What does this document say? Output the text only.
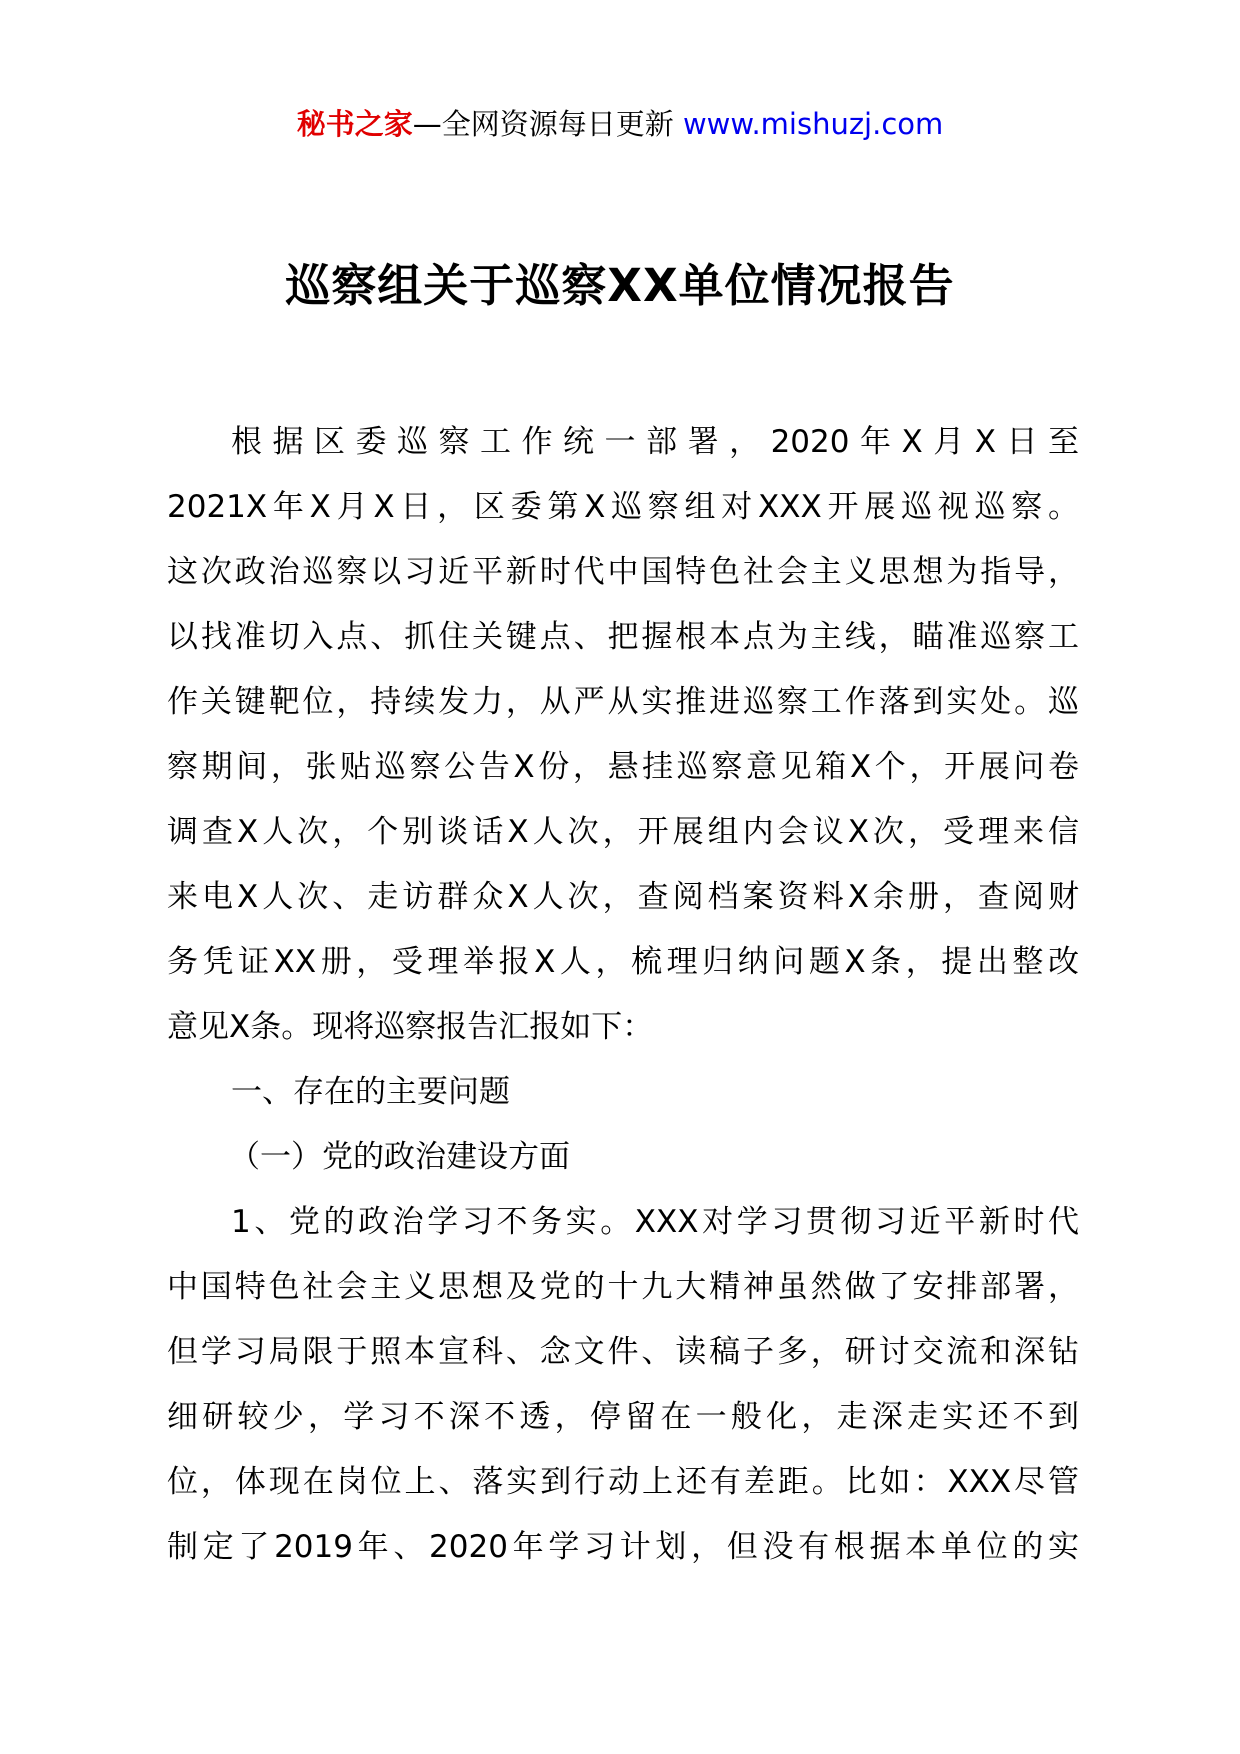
秘书之家—全网资源每日更新 www.mishuzj.com
巡察组关于巡察XX单位情况报告
根据区委巡察工作统一部署，2020年X月X日至
2021X年X月X日，区委第X巡察组对XXX开展巡视巡察。
这次政治巡察以习近平新时代中国特色社会主义思想为指导，
以找准切入点、抓住关键点、把握根本点为主线，瞄准巡察工
作关键靶位，持续发力，从严从实推进巡察工作落到实处。巡
察期间，张贴巡察公告X份，悬挂巡察意见箱X个，开展问卷
调查X人次，个别谈话X人次，开展组内会议X次，受理来信
来电X人次、走访群众X人次，查阅档案资料X余册，查阅财
务凭证XX册，受理举报X人，梳理归纳问题X条，提出整改
意见X条。现将巡察报告汇报如下：
一、存在的主要问题
（一）党的政治建设方面
1、党的政治学习不务实。XXX对学习贯彻习近平新时代
中国特色社会主义思想及党的十九大精神虽然做了安排部署，
但学习局限于照本宣科、念文件、读稿子多，研讨交流和深钻
细研较少，学习不深不透，停留在一般化，走深走实还不到
位，体现在岗位上、落实到行动上还有差距。比如：XXX尽管
制定了2019年、2020年学习计划，但没有根据本单位的实
